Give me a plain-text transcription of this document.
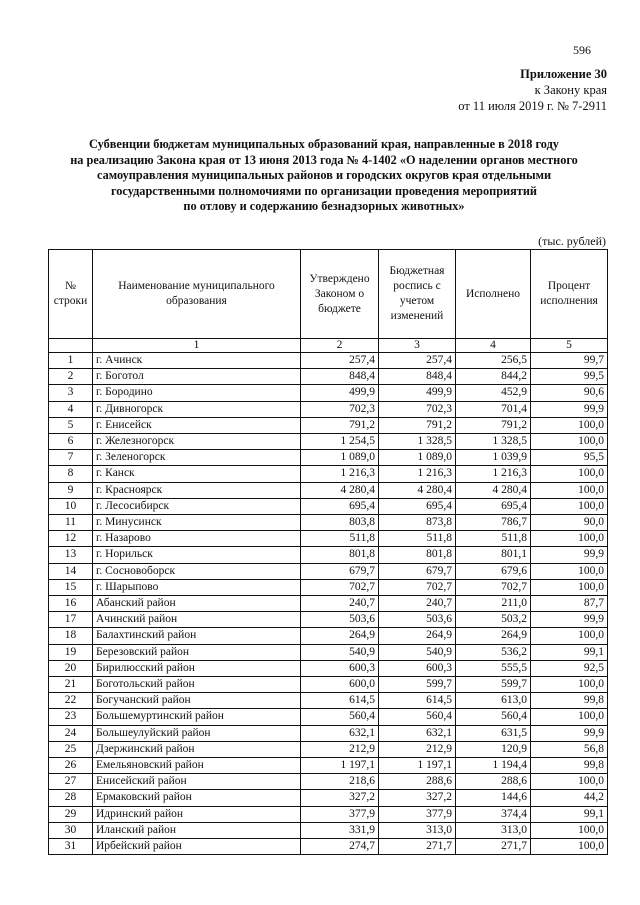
596
Приложение 30
к Закону края
от 11 июля 2019 г. № 7-2911
Субвенции бюджетам муниципальных образований края, направленные в 2018 году
на реализацию Закона края от 13 июня 2013 года № 4-1402 «О наделении органов местного
самоуправления муниципальных районов и городских округов края отдельными
государственными полномочиями по организации проведения мероприятий
по отлову и содержанию безнадзорных животных»
(тыс. рублей)
№ строки	Наименование муниципального образования	Утверждено Законом о бюджете	Бюджетная роспись с учетом изменений	Исполнено	Процент исполнения
	1	2	3	4	5
1	г. Ачинск	257,4	257,4	256,5	99,7
2	г. Боготол	848,4	848,4	844,2	99,5
3	г. Бородино	499,9	499,9	452,9	90,6
4	г. Дивногорск	702,3	702,3	701,4	99,9
5	г. Енисейск	791,2	791,2	791,2	100,0
6	г. Железногорск	1 254,5	1 328,5	1 328,5	100,0
7	г. Зеленогорск	1 089,0	1 089,0	1 039,9	95,5
8	г. Канск	1 216,3	1 216,3	1 216,3	100,0
9	г. Красноярск	4 280,4	4 280,4	4 280,4	100,0
10	г. Лесосибирск	695,4	695,4	695,4	100,0
11	г. Минусинск	803,8	873,8	786,7	90,0
12	г. Назарово	511,8	511,8	511,8	100,0
13	г. Норильск	801,8	801,8	801,1	99,9
14	г. Сосновоборск	679,7	679,7	679,6	100,0
15	г. Шарыпово	702,7	702,7	702,7	100,0
16	Абанский район	240,7	240,7	211,0	87,7
17	Ачинский район	503,6	503,6	503,2	99,9
18	Балахтинский район	264,9	264,9	264,9	100,0
19	Березовский район	540,9	540,9	536,2	99,1
20	Бирилюсский район	600,3	600,3	555,5	92,5
21	Боготольский район	600,0	599,7	599,7	100,0
22	Богучанский район	614,5	614,5	613,0	99,8
23	Большемуртинский район	560,4	560,4	560,4	100,0
24	Большеулуйский район	632,1	632,1	631,5	99,9
25	Дзержинский район	212,9	212,9	120,9	56,8
26	Емельяновский район	1 197,1	1 197,1	1 194,4	99,8
27	Енисейский район	218,6	288,6	288,6	100,0
28	Ермаковский район	327,2	327,2	144,6	44,2
29	Идринский район	377,9	377,9	374,4	99,1
30	Иланский район	331,9	313,0	313,0	100,0
31	Ирбейский район	274,7	271,7	271,7	100,0
